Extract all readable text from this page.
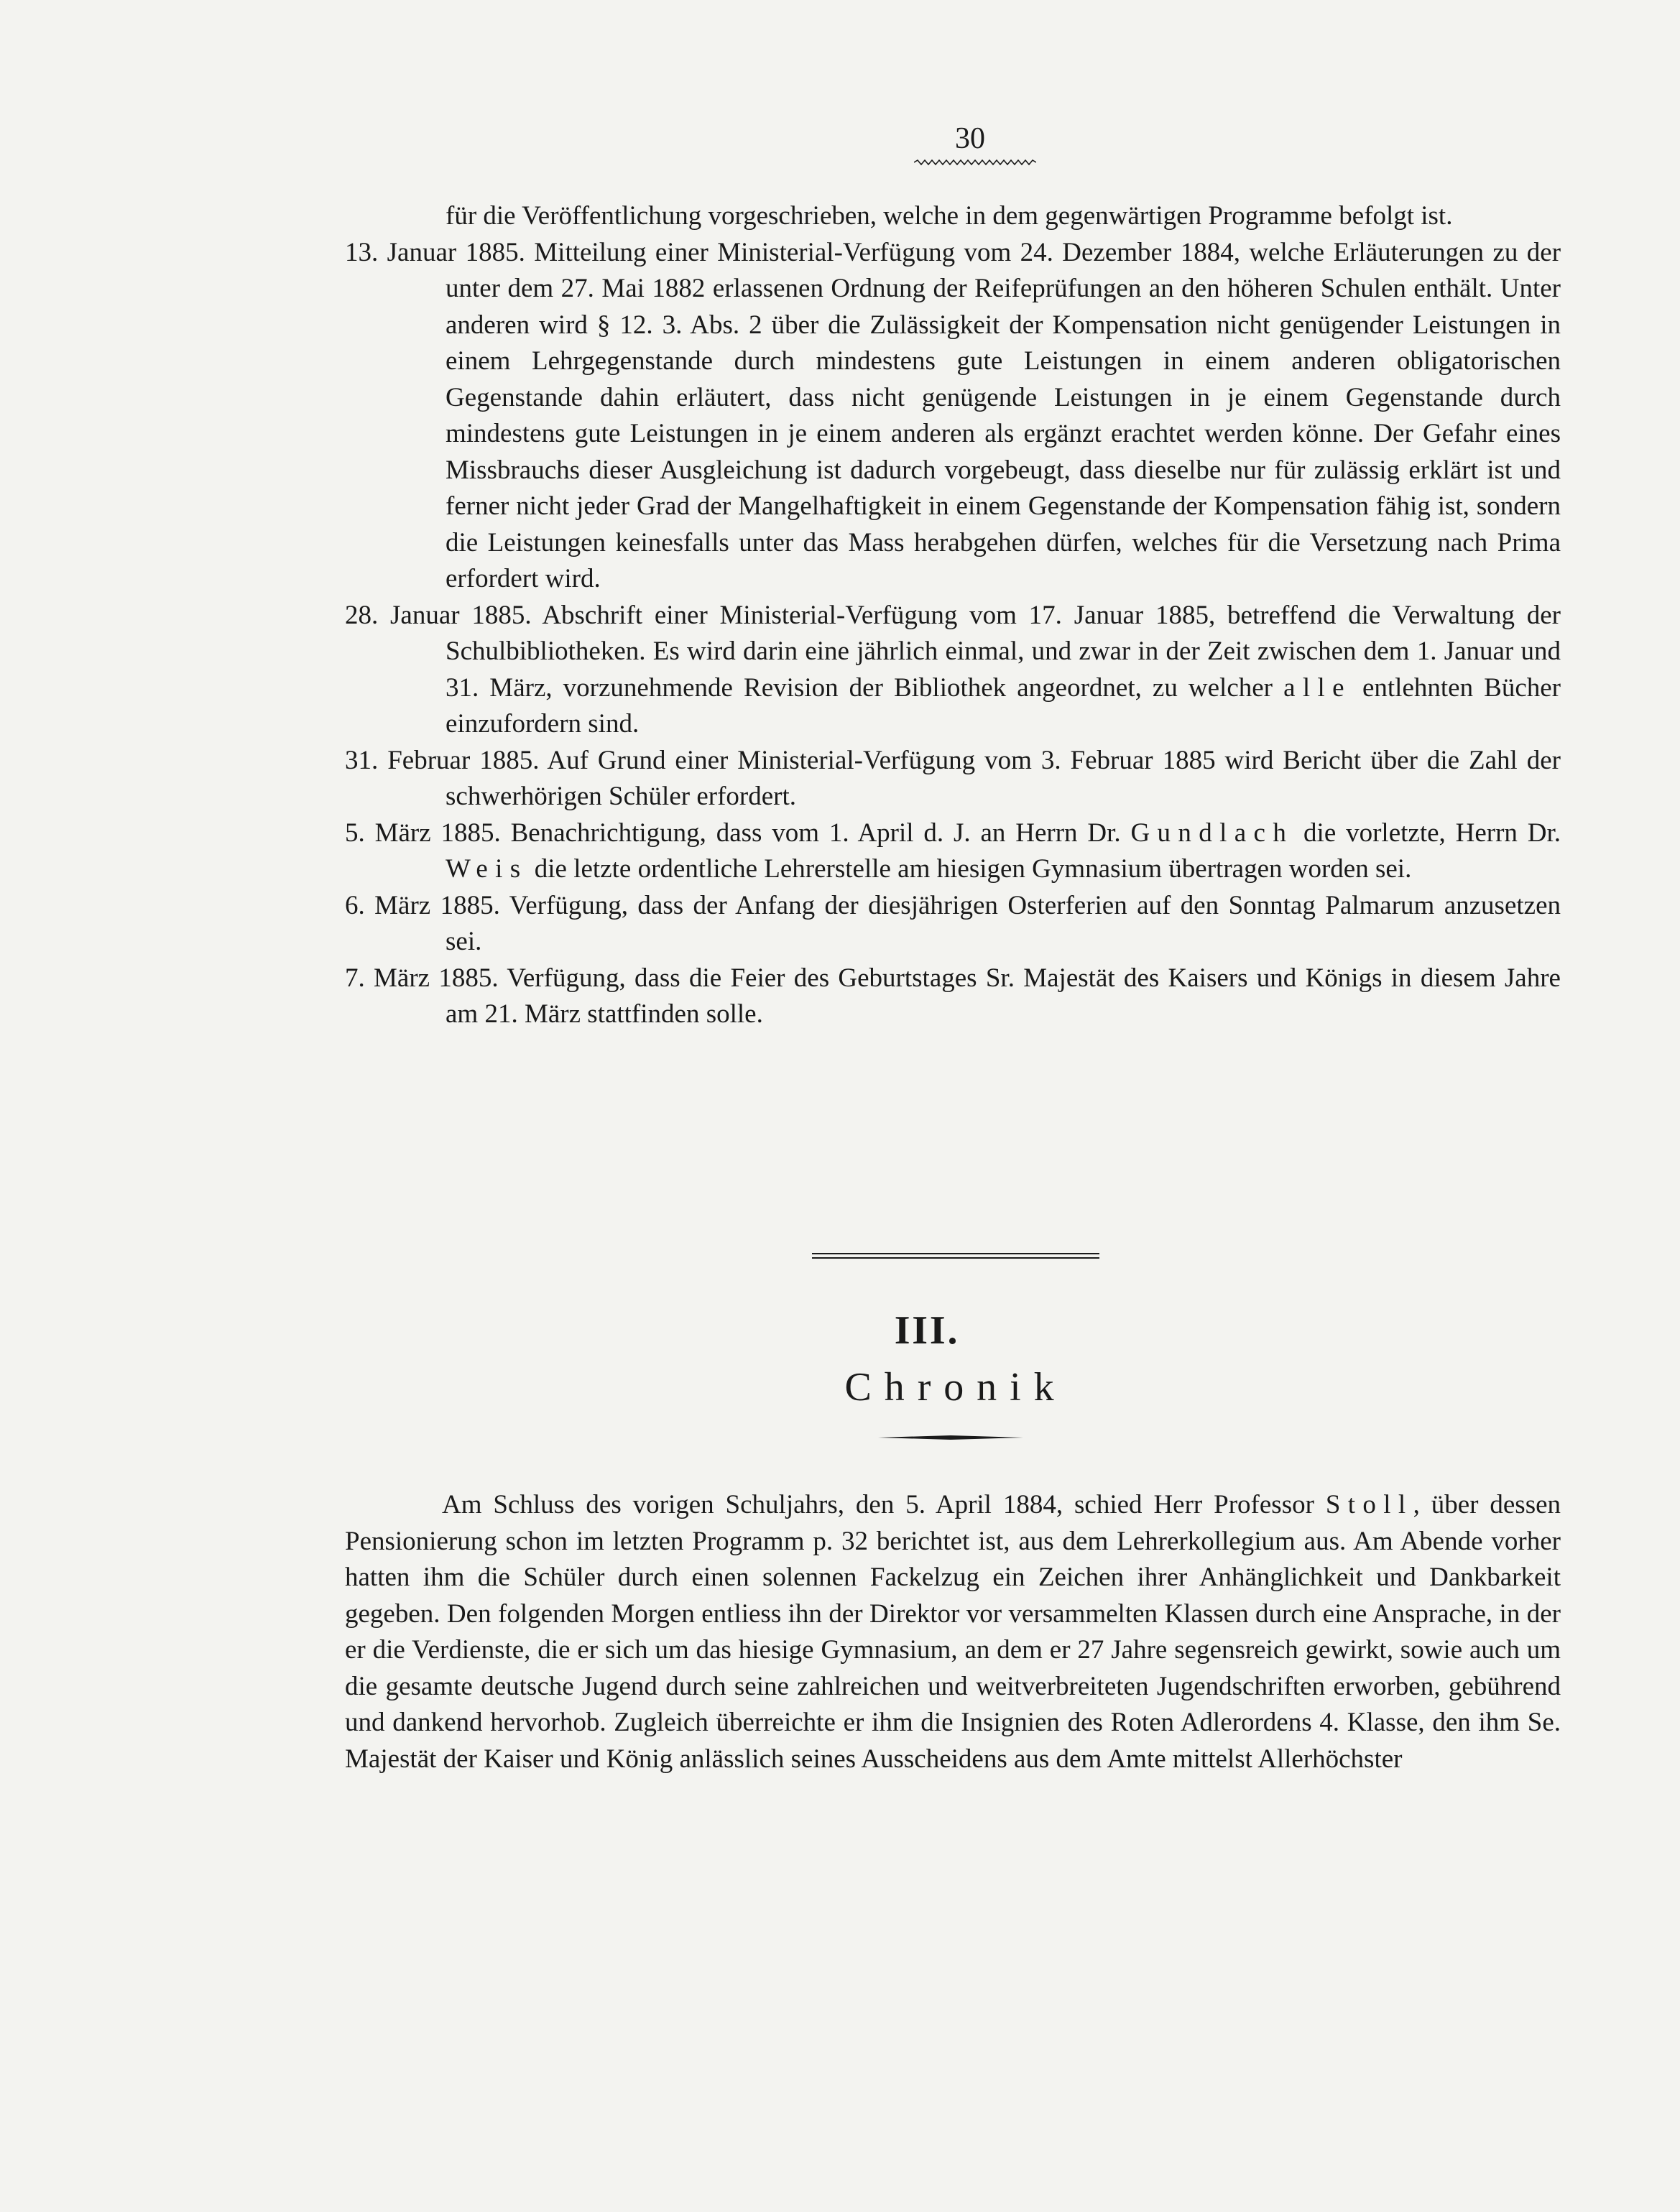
30

für die Veröffentlichung vorgeschrieben, welche in dem gegenwärtigen Programme befolgt ist.

13. Januar 1885. Mitteilung einer Ministerial-Verfügung vom 24. Dezember 1884, welche Erläuterungen zu der unter dem 27. Mai 1882 erlassenen Ordnung der Reifeprüfungen an den höheren Schulen enthält. Unter anderen wird § 12. 3. Abs. 2 über die Zulässigkeit der Kompensation nicht genügender Leistungen in einem Lehrgegenstande durch mindestens gute Leistungen in einem anderen obligatorischen Gegenstande dahin erläutert, dass nicht genügende Leistungen in je einem Gegenstande durch mindestens gute Leistungen in je einem anderen als ergänzt erachtet werden könne. Der Gefahr eines Missbrauchs dieser Ausgleichung ist dadurch vorgebeugt, dass dieselbe nur für zulässig erklärt ist und ferner nicht jeder Grad der Mangelhaftigkeit in einem Gegenstande der Kompensation fähig ist, sondern die Leistungen keinesfalls unter das Mass herabgehen dürfen, welches für die Versetzung nach Prima erfordert wird.

28. Januar 1885. Abschrift einer Ministerial-Verfügung vom 17. Januar 1885, betreffend die Verwaltung der Schulbibliotheken. Es wird darin eine jährlich einmal, und zwar in der Zeit zwischen dem 1. Januar und 31. März, vorzunehmende Revision der Bibliothek angeordnet, zu welcher alle entlehnten Bücher einzufordern sind.

31. Februar 1885. Auf Grund einer Ministerial-Verfügung vom 3. Februar 1885 wird Bericht über die Zahl der schwerhörigen Schüler erfordert.

5. März 1885. Benachrichtigung, dass vom 1. April d. J. an Herrn Dr. Gundlach die vorletzte, Herrn Dr. Weis die letzte ordentliche Lehrerstelle am hiesigen Gymnasium übertragen worden sei.

6. März 1885. Verfügung, dass der Anfang der diesjährigen Osterferien auf den Sonntag Palmarum anzusetzen sei.

7. März 1885. Verfügung, dass die Feier des Geburtstages Sr. Majestät des Kaisers und Königs in diesem Jahre am 21. März stattfinden solle.

III.
Chronik

Am Schluss des vorigen Schuljahrs, den 5. April 1884, schied Herr Professor Stoll, über dessen Pensionierung schon im letzten Programm p. 32 berichtet ist, aus dem Lehrerkollegium aus. Am Abende vorher hatten ihm die Schüler durch einen solennen Fackelzug ein Zeichen ihrer Anhänglichkeit und Dankbarkeit gegeben. Den folgenden Morgen entliess ihn der Direktor vor versammelten Klassen durch eine Ansprache, in der er die Verdienste, die er sich um das hiesige Gymnasium, an dem er 27 Jahre segensreich gewirkt, sowie auch um die gesamte deutsche Jugend durch seine zahlreichen und weitverbreiteten Jugendschriften erworben, gebührend und dankend hervorhob. Zugleich überreichte er ihm die Insignien des Roten Adlerordens 4. Klasse, den ihm Se. Majestät der Kaiser und König anlässlich seines Ausscheidens aus dem Amte mittelst Allerhöchster
